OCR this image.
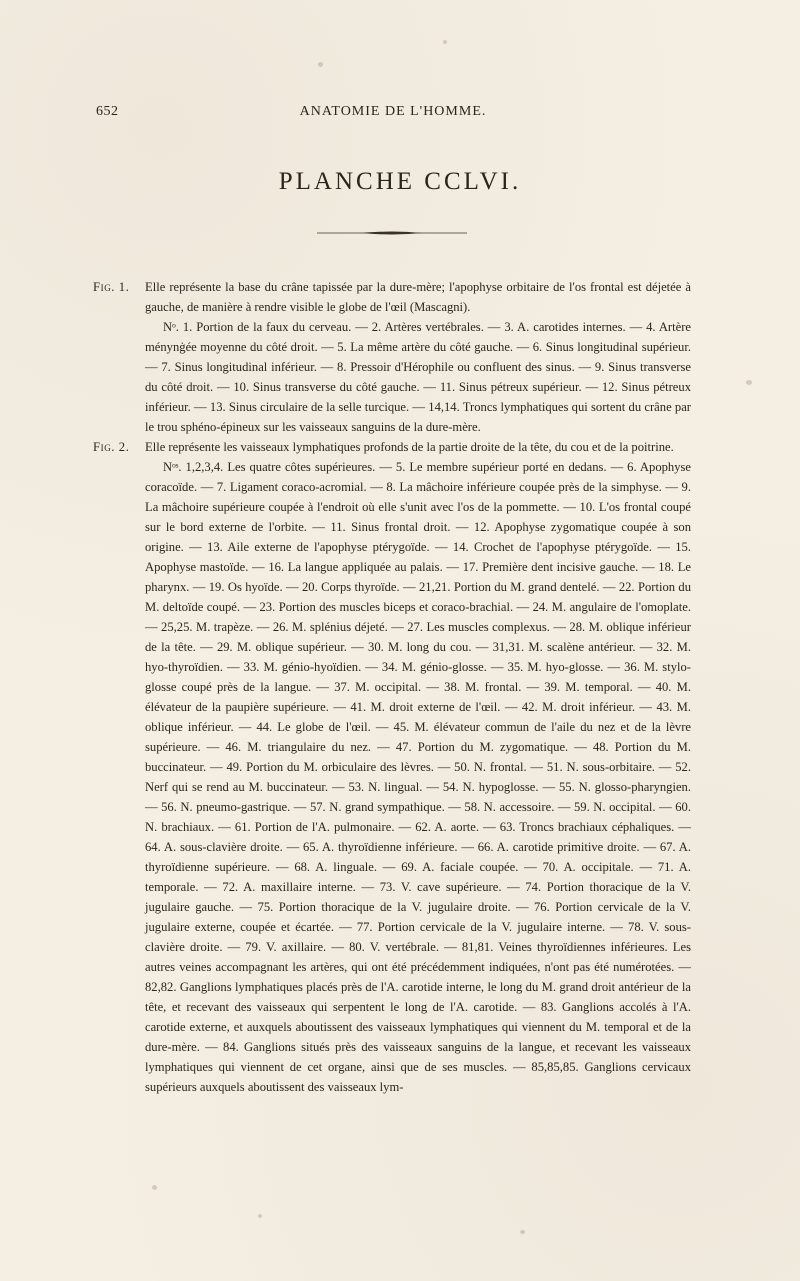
652	ANATOMIE DE L'HOMME.
PLANCHE CCLVI.
Fig. 1.	Elle représente la base du crâne tapissée par la dure-mère; l'apophyse orbitaire de l'os frontal est déjetée à gauche, de manière à rendre visible le globe de l'œil (Mascagni).

Nᵒ. 1. Portion de la faux du cerveau. — 2. Artères vertébrales. — 3. A. carotides internes. — 4. Artère ménynġée moyenne du côté droit. — 5. La même artère du côté gauche. — 6. Sinus longitudinal supérieur. — 7. Sinus longitudinal inférieur. — 8. Pressoir d'Hérophile ou confluent des sinus. — 9. Sinus transverse du côté droit. — 10. Sinus transverse du côté gauche. — 11. Sinus pétreux supérieur. — 12. Sinus pétreux inférieur. — 13. Sinus circulaire de la selle turcique. — 14,14. Troncs lymphatiques qui sortent du crâne par le trou sphéno-épineux sur les vaisseaux sanguins de la dure-mère.

Fig. 2.	Elle représente les vaisseaux lymphatiques profonds de la partie droite de la tête, du cou et de la poitrine.

Nᵒˢ. 1,2,3,4. Les quatre côtes supérieures. — 5. Le membre supérieur porté en dedans. — 6. Apophyse coracoïde. — 7. Ligament coraco-acromial. — 8. La mâchoire inférieure coupée près de la simphyse. — 9. La mâchoire supérieure coupée à l'endroit où elle s'unit avec l'os de la pommette. — 10. L'os frontal coupé sur le bord externe de l'orbite. — 11. Sinus frontal droit. — 12. Apophyse zygomatique coupée à son origine. — 13. Aile externe de l'apophyse ptérygoïde. — 14. Crochet de l'apophyse ptérygoïde. — 15. Apophyse mastoïde. — 16. La langue appliquée au palais. — 17. Première dent incisive gauche. — 18. Le pharynx. — 19. Os hyoïde. — 20. Corps thyroïde. — 21,21. Portion du M. grand dentelé. — 22. Portion du M. deltoïde coupé. — 23. Portion des muscles biceps et coraco-brachial. — 24. M. angulaire de l'omoplate. — 25,25. M. trapèze. — 26. M. splénius déjeté. — 27. Les muscles complexus. — 28. M. oblique inférieur de la tête. — 29. M. oblique supérieur. — 30. M. long du cou. — 31,31. M. scalène antérieur. — 32. M. hyo-thyroïdien. — 33. M. génio-hyoïdien. — 34. M. génio-glosse. — 35. M. hyo-glosse. — 36. M. stylo-glosse coupé près de la langue. — 37. M. occipital. — 38. M. frontal. — 39. M. temporal. — 40. M. élévateur de la paupière supérieure. — 41. M. droit externe de l'œil. — 42. M. droit inférieur. — 43. M. oblique inférieur. — 44. Le globe de l'œil. — 45. M. élévateur commun de l'aile du nez et de la lèvre supérieure. — 46. M. triangulaire du nez. — 47. Portion du M. zygomatique. — 48. Portion du M. buccinateur. — 49. Portion du M. orbiculaire des lèvres. — 50. N. frontal. — 51. N. sous-orbitaire. — 52. Nerf qui se rend au M. buccinateur. — 53. N. lingual. — 54. N. hypoglosse. — 55. N. glosso-pharyngien. — 56. N. pneumo-gastrique. — 57. N. grand sympathique. — 58. N. accessoire. — 59. N. occipital. — 60. N. brachiaux. — 61. Portion de l'A. pulmonaire. — 62. A. aorte. — 63. Troncs brachiaux céphaliques. — 64. A. sous-clavière droite. — 65. A. thyroïdienne inférieure. — 66. A. carotide primitive droite. — 67. A. thyroïdienne supérieure. — 68. A. linguale. — 69. A. faciale coupée. — 70. A. occipitale. — 71. A. temporale. — 72. A. maxillaire interne. — 73. V. cave supérieure. — 74. Portion thoracique de la V. jugulaire gauche. — 75. Portion thoracique de la V. jugulaire droite. — 76. Portion cervicale de la V. jugulaire externe, coupée et écartée. — 77. Portion cervicale de la V. jugulaire interne. — 78. V. sous-clavière droite. — 79. V. axillaire. — 80. V. vertébrale. — 81,81. Veines thyroïdiennes inférieures. Les autres veines accompagnant les artères, qui ont été précédemment indiquées, n'ont pas été numérotées. — 82,82. Ganglions lymphatiques placés près de l'A. carotide interne, le long du M. grand droit antérieur de la tête, et recevant des vaisseaux qui serpentent le long de l'A. carotide. — 83. Ganglions accolés à l'A. carotide externe, et auxquels aboutissent des vaisseaux lymphatiques qui viennent du M. temporal et de la dure-mère. — 84. Ganglions situés près des vaisseaux sanguins de la langue, et recevant les vaisseaux lymphatiques qui viennent de cet organe, ainsi que de ses muscles. — 85,85,85. Ganglions cervicaux supérieurs auxquels aboutissent des vaisseaux lym-
